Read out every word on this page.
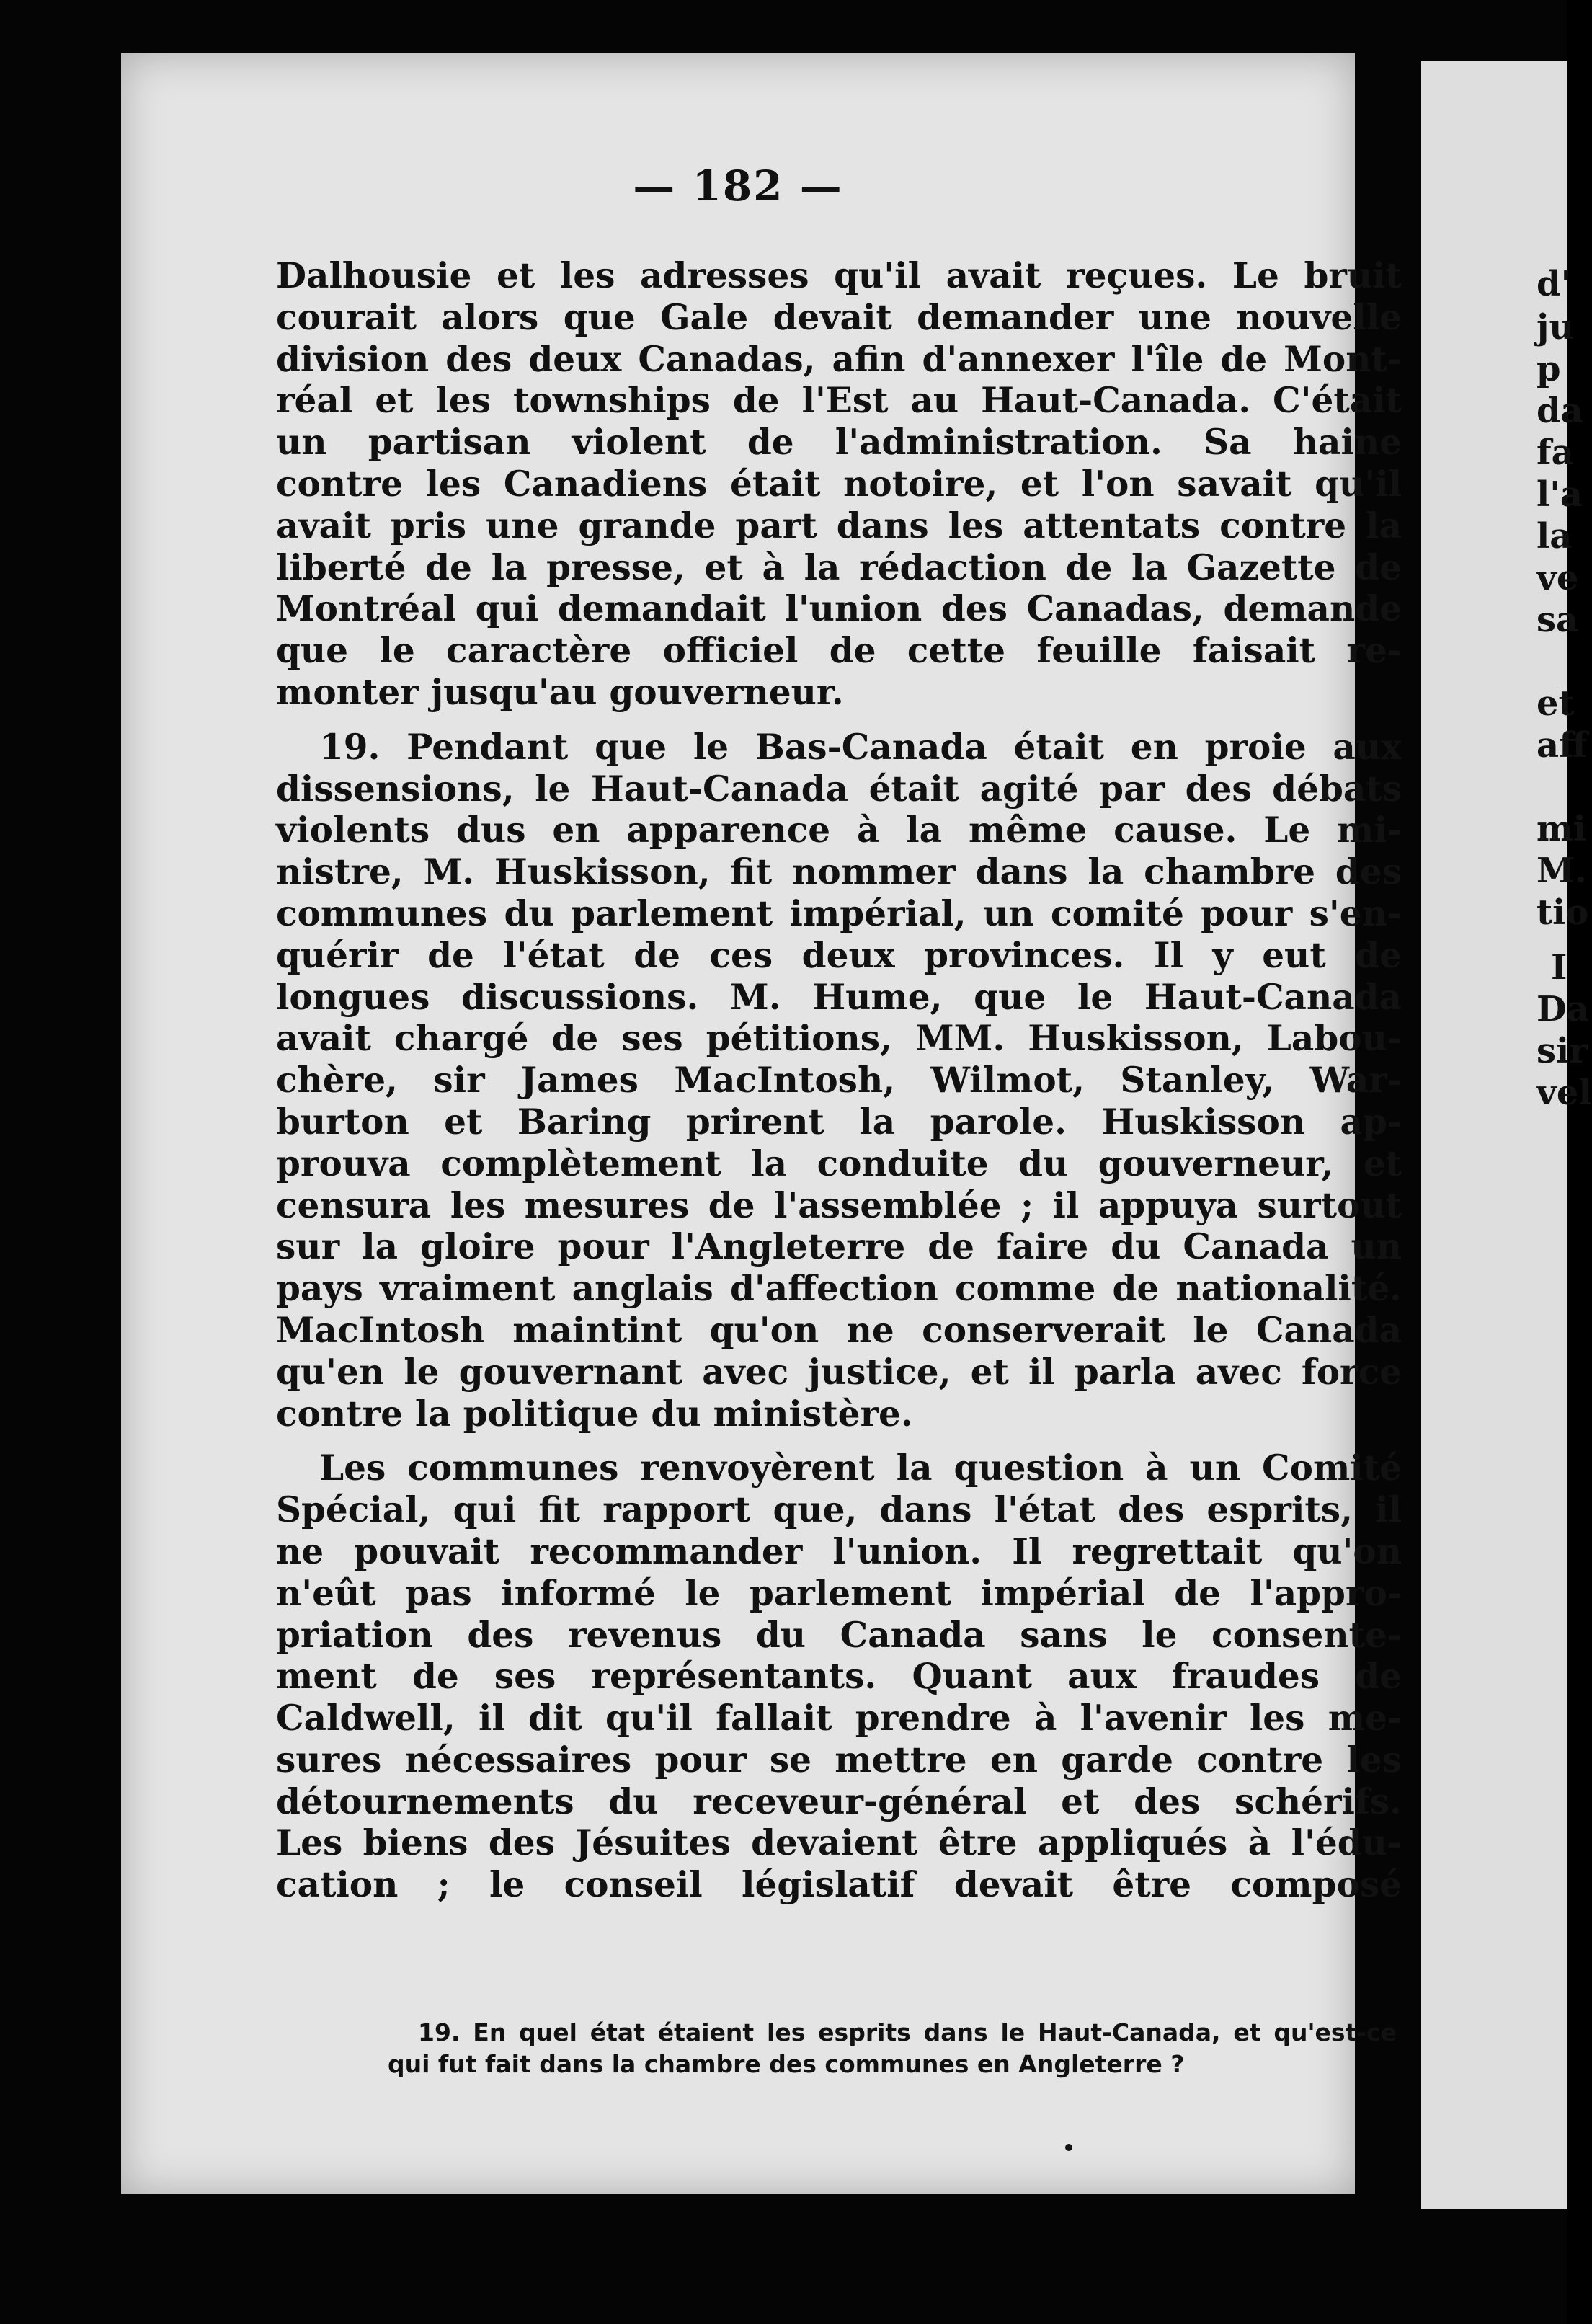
— 182 —

Dalhousie et les adresses qu'il avait reçues. Le bruit
courait alors que Gale devait demander une nouvelle
division des deux Canadas, afin d'annexer l'île de Mont-
réal et les townships de l'Est au Haut-Canada. C'était
un partisan violent de l'administration. Sa haine
contre les Canadiens était notoire, et l'on savait qu'il
avait pris une grande part dans les attentats contre la
liberté de la presse, et à la rédaction de la Gazette de
Montréal qui demandait l'union des Canadas, demande
que le caractère officiel de cette feuille faisait re-
monter jusqu'au gouverneur.

19. Pendant que le Bas-Canada était en proie aux
dissensions, le Haut-Canada était agité par des débats
violents dus en apparence à la même cause. Le mi-
nistre, M. Huskisson, fit nommer dans la chambre des
communes du parlement impérial, un comité pour s'en-
quérir de l'état de ces deux provinces. Il y eut de
longues discussions. M. Hume, que le Haut-Canada
avait chargé de ses pétitions, MM. Huskisson, Labou-
chère, sir James MacIntosh, Wilmot, Stanley, War-
burton et Baring prirent la parole. Huskisson ap-
prouva complètement la conduite du gouverneur, et
censura les mesures de l'assemblée ; il appuya surtout
sur la gloire pour l'Angleterre de faire du Canada un
pays vraiment anglais d'affection comme de nationalité.
MacIntosh maintint qu'on ne conserverait le Canada
qu'en le gouvernant avec justice, et il parla avec force
contre la politique du ministère.

Les communes renvoyèrent la question à un Comité
Spécial, qui fit rapport que, dans l'état des esprits, il
ne pouvait recommander l'union. Il regrettait qu'on
n'eût pas informé le parlement impérial de l'appro-
priation des revenus du Canada sans le consente-
ment de ses représentants. Quant aux fraudes de
Caldwell, il dit qu'il fallait prendre à l'avenir les me-
sures nécessaires pour se mettre en garde contre les
détournements du receveur-général et des schérifs.
Les biens des Jésuites devaient être appliqués à l'édu-
cation ; le conseil législatif devait être composé

19. En quel état étaient les esprits dans le Haut-Canada, et qu'est-ce
qui fut fait dans la chambre des communes en Angleterre ?
d'
ju
p
da
fa
l'a
la
ve
sa
et
aff
mi
M.
tio
I
Da
sir
vel
